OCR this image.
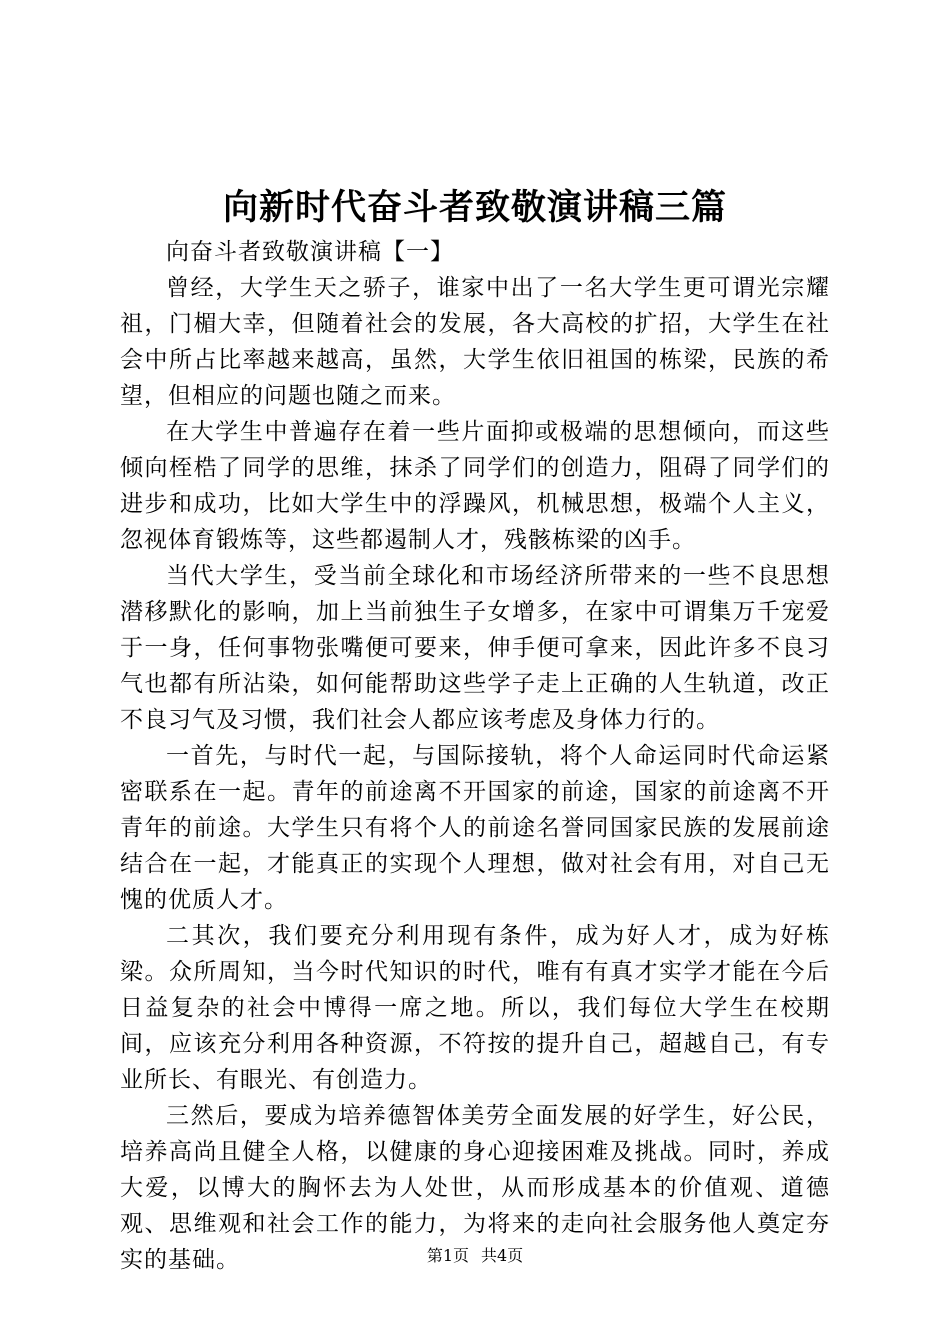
向新时代奋斗者致敬演讲稿三篇

向奋斗者致敬演讲稿【一】

曾经，大学生天之骄子，谁家中出了一名大学生更可谓光宗耀祖，门楣大幸，但随着社会的发展，各大高校的扩招，大学生在社会中所占比率越来越高，虽然，大学生依旧祖国的栋梁，民族的希望，但相应的问题也随之而来。

在大学生中普遍存在着一些片面抑或极端的思想倾向，而这些倾向桎梏了同学的思维，抹杀了同学们的创造力，阻碍了同学们的进步和成功，比如大学生中的浮躁风，机械思想，极端个人主义，忽视体育锻炼等，这些都遏制人才，残骸栋梁的凶手。

当代大学生，受当前全球化和市场经济所带来的一些不良思想潜移默化的影响，加上当前独生子女增多，在家中可谓集万千宠爱于一身，任何事物张嘴便可要来，伸手便可拿来，因此许多不良习气也都有所沾染，如何能帮助这些学子走上正确的人生轨道，改正不良习气及习惯，我们社会人都应该考虑及身体力行的。

一首先，与时代一起，与国际接轨，将个人命运同时代命运紧密联系在一起。青年的前途离不开国家的前途，国家的前途离不开青年的前途。大学生只有将个人的前途名誉同国家民族的发展前途结合在一起，才能真正的实现个人理想，做对社会有用，对自己无愧的优质人才。

二其次，我们要充分利用现有条件，成为好人才，成为好栋梁。众所周知，当今时代知识的时代，唯有有真才实学才能在今后日益复杂的社会中博得一席之地。所以，我们每位大学生在校期间，应该充分利用各种资源，不符按的提升自己，超越自己，有专业所长、有眼光、有创造力。

三然后，要成为培养德智体美劳全面发展的好学生，好公民，培养高尚且健全人格，以健康的身心迎接困难及挑战。同时，养成大爱，以博大的胸怀去为人处世，从而形成基本的价值观、道德观、思维观和社会工作的能力，为将来的走向社会服务他人奠定夯实的基础。	第1页 共4页
